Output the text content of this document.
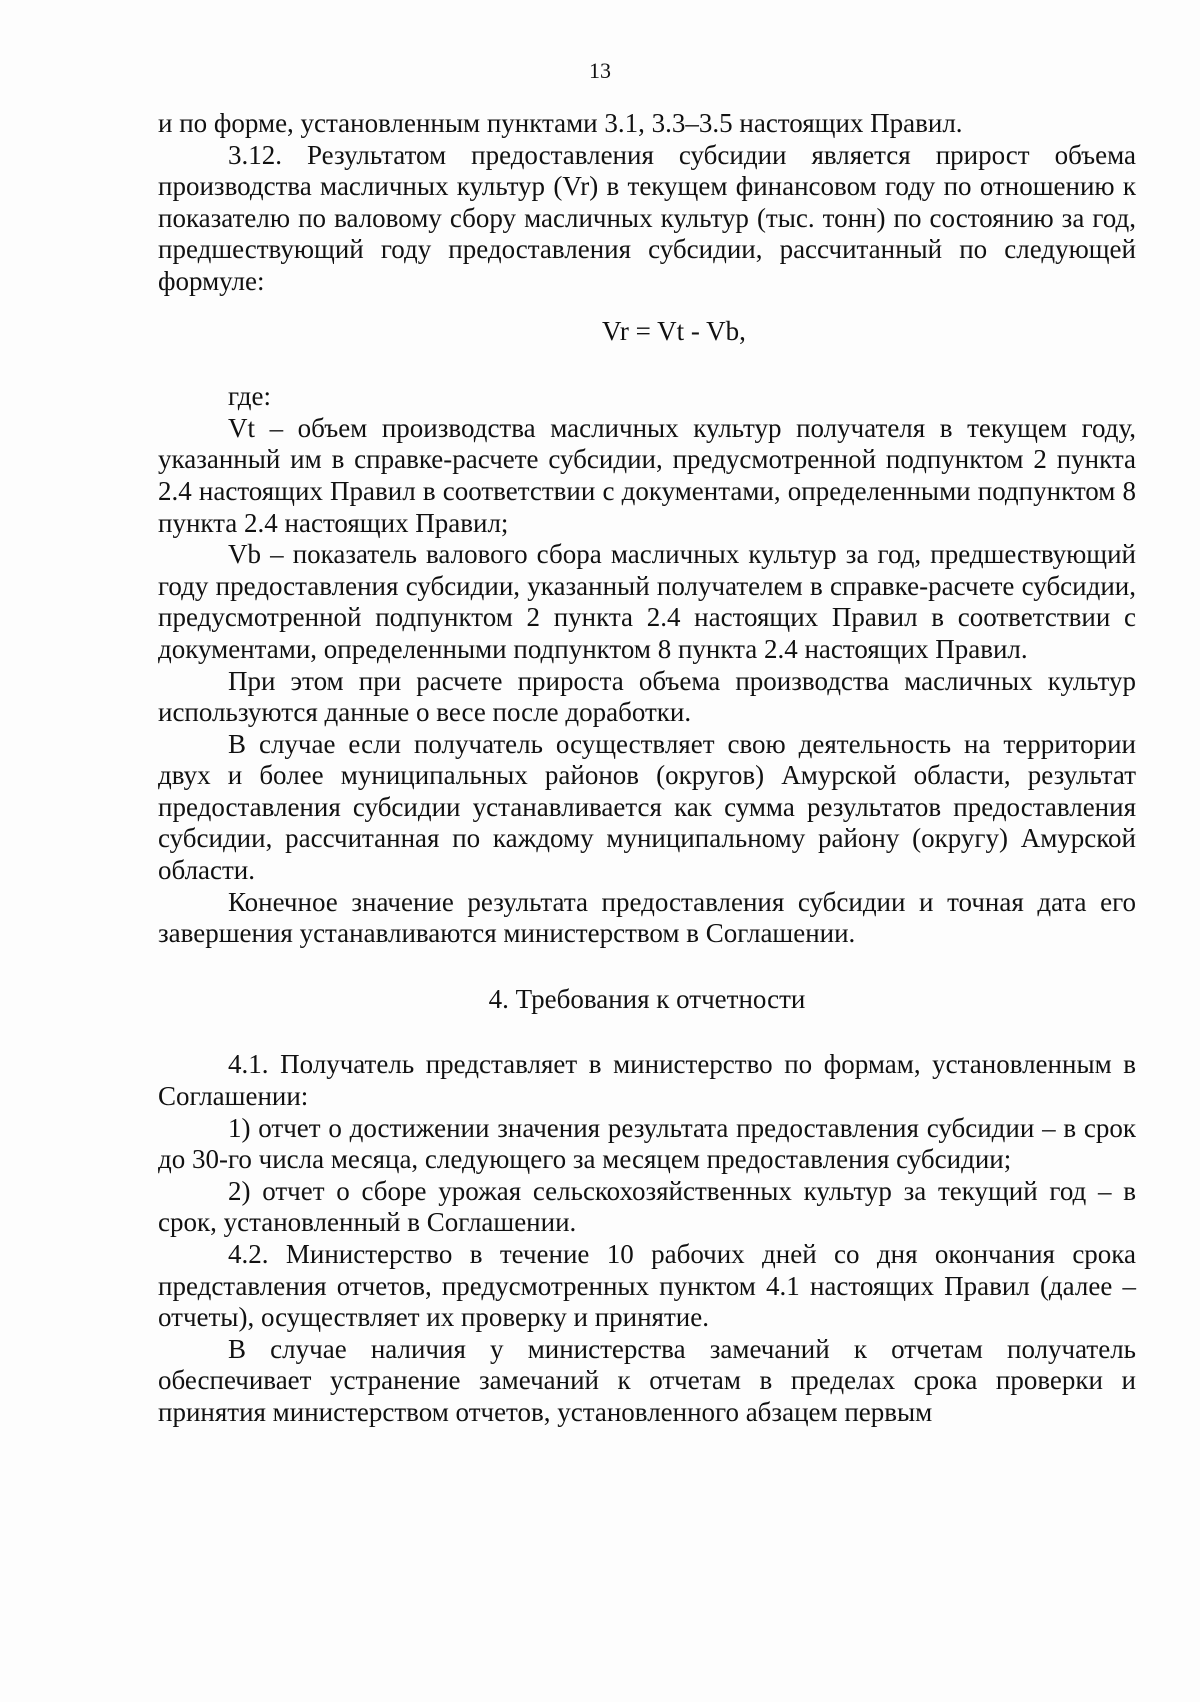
13

и по форме, установленным пунктами 3.1, 3.3–3.5 настоящих Правил.

3.12. Результатом предоставления субсидии является прирост объема производства масличных культур (Vr) в текущем финансовом году по отношению к показателю по валовому сбору масличных культур (тыс. тонн) по состоянию за год, предшествующий году предоставления субсидии, рассчитанный по следующей формуле:

Vr = Vt - Vb,

где:

Vt – объем производства масличных культур получателя в текущем году, указанный им в справке-расчете субсидии, предусмотренной подпунктом 2 пункта 2.4 настоящих Правил в соответствии с документами, определенными подпунктом 8 пункта 2.4 настоящих Правил;

Vb – показатель валового сбора масличных культур за год, предшествующий году предоставления субсидии, указанный получателем в справке-расчете субсидии, предусмотренной подпунктом 2 пункта 2.4 настоящих Правил в соответствии с документами, определенными подпунктом 8 пункта 2.4 настоящих Правил.

При этом при расчете прироста объема производства масличных культур используются данные о весе после доработки.

В случае если получатель осуществляет свою деятельность на территории двух и более муниципальных районов (округов) Амурской области, результат предоставления субсидии устанавливается как сумма результатов предоставления субсидии, рассчитанная по каждому муниципальному району (округу) Амурской области.

Конечное значение результата предоставления субсидии и точная дата его завершения устанавливаются министерством в Соглашении.

4. Требования к отчетности

4.1. Получатель представляет в министерство по формам, установленным в Соглашении:

1) отчет о достижении значения результата предоставления субсидии – в срок до 30-го числа месяца, следующего за месяцем предоставления субсидии;

2) отчет о сборе урожая сельскохозяйственных культур за текущий год – в срок, установленный в Соглашении.

4.2. Министерство в течение 10 рабочих дней со дня окончания срока представления отчетов, предусмотренных пунктом 4.1 настоящих Правил (далее – отчеты), осуществляет их проверку и принятие.

В случае наличия у министерства замечаний к отчетам получатель обеспечивает устранение замечаний к отчетам в пределах срока проверки и принятия министерством отчетов, установленного абзацем первым
